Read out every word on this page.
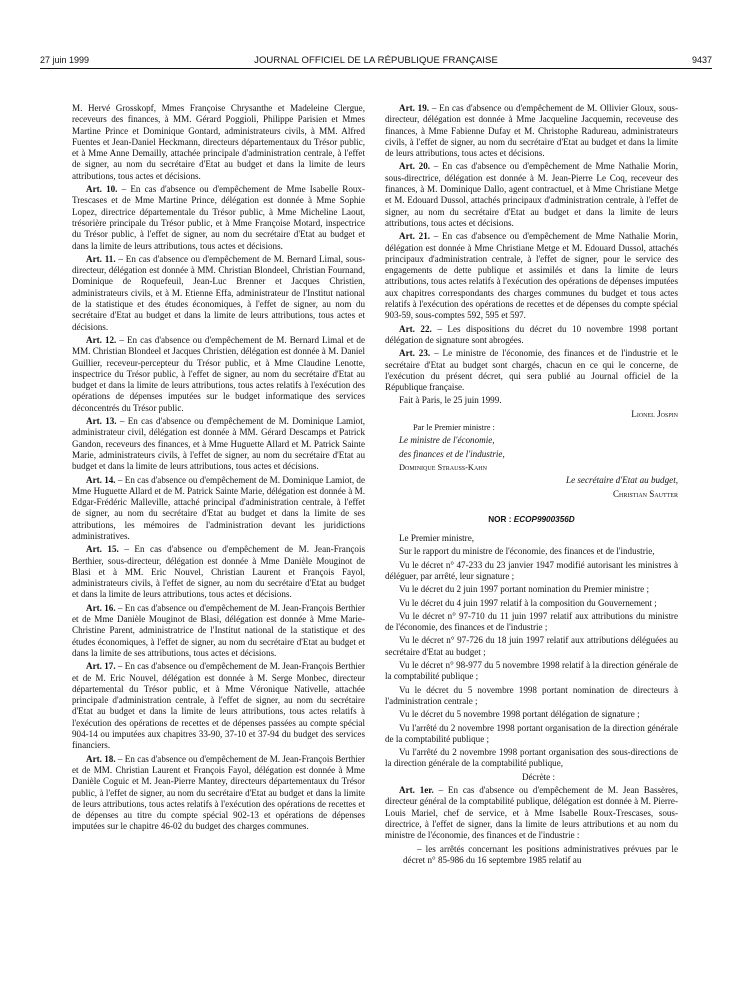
27 juin 1999	JOURNAL OFFICIEL DE LA RÉPUBLIQUE FRANÇAISE	9437

M. Hervé Grosskopf, Mmes Françoise Chrysanthe et Madeleine Clergue, receveurs des finances, à MM. Gérard Poggioli, Philippe Parisien et Mmes Martine Prince et Dominique Gontard, administrateurs civils, à MM. Alfred Fuentes et Jean-Daniel Heckmann, directeurs départementaux du Trésor public, et à Mme Anne Demailly, attachée principale d'administration centrale, à l'effet de signer, au nom du secrétaire d'Etat au budget et dans la limite de leurs attributions, tous actes et décisions.

Art. 10. – En cas d'absence ou d'empêchement de Mme Isabelle Roux-Trescases et de Mme Martine Prince, délégation est donnée à Mme Sophie Lopez, directrice départementale du Trésor public, à Mme Micheline Laout, trésorière principale du Trésor public, et à Mme Françoise Motard, inspectrice du Trésor public, à l'effet de signer, au nom du secrétaire d'Etat au budget et dans la limite de leurs attributions, tous actes et décisions.

Art. 11. – En cas d'absence ou d'empêchement de M. Bernard Limal, sous-directeur, délégation est donnée à MM. Christian Blondeel, Christian Fournand, Dominique de Roquefeuil, Jean-Luc Brenner et Jacques Christien, administrateurs civils, et à M. Etienne Effa, administrateur de l'Institut national de la statistique et des études économiques, à l'effet de signer, au nom du secrétaire d'Etat au budget et dans la limite de leurs attributions, tous actes et décisions.

Art. 12. – En cas d'absence ou d'empêchement de M. Bernard Limal et de MM. Christian Blondeel et Jacques Christien, délégation est donnée à M. Daniel Guillier, receveur-percepteur du Trésor public, et à Mme Claudine Lenotte, inspectrice du Trésor public, à l'effet de signer, au nom du secrétaire d'Etat au budget et dans la limite de leurs attributions, tous actes relatifs à l'exécution des opérations de dépenses imputées sur le budget informatique des services déconcentrés du Trésor public.

Art. 13. – En cas d'absence ou d'empêchement de M. Dominique Lamiot, administrateur civil, délégation est donnée à MM. Gérard Descamps et Patrick Gandon, receveurs des finances, et à Mme Huguette Allard et M. Patrick Sainte Marie, administrateurs civils, à l'effet de signer, au nom du secrétaire d'Etat au budget et dans la limite de leurs attributions, tous actes et décisions.

Art. 14. – En cas d'absence ou d'empêchement de M. Dominique Lamiot, de Mme Huguette Allard et de M. Patrick Sainte Marie, délégation est donnée à M. Edgar-Frédéric Malleville, attaché principal d'administration centrale, à l'effet de signer, au nom du secrétaire d'Etat au budget et dans la limite de ses attributions, les mémoires de l'administration devant les juridictions administratives.

Art. 15. – En cas d'absence ou d'empêchement de M. Jean-François Berthier, sous-directeur, délégation est donnée à Mme Danièle Mouginot de Blasi et à MM. Eric Nouvel, Christian Laurent et François Fayol, administrateurs civils, à l'effet de signer, au nom du secrétaire d'Etat au budget et dans la limite de leurs attributions, tous actes et décisions.

Art. 16. – En cas d'absence ou d'empêchement de M. Jean-François Berthier et de Mme Danièle Mouginot de Blasi, délégation est donnée à Mme Marie-Christine Parent, administratrice de l'Institut national de la statistique et des études économiques, à l'effet de signer, au nom du secrétaire d'Etat au budget et dans la limite de ses attributions, tous actes et décisions.

Art. 17. – En cas d'absence ou d'empêchement de M. Jean-François Berthier et de M. Eric Nouvel, délégation est donnée à M. Serge Monbec, directeur départemental du Trésor public, et à Mme Véronique Nativelle, attachée principale d'administration centrale, à l'effet de signer, au nom du secrétaire d'Etat au budget et dans la limite de leurs attributions, tous actes relatifs à l'exécution des opérations de recettes et de dépenses passées au compte spécial 904-14 ou imputées aux chapitres 33-90, 37-10 et 37-94 du budget des services financiers.

Art. 18. – En cas d'absence ou d'empêchement de M. Jean-François Berthier et de MM. Christian Laurent et François Fayol, délégation est donnée à Mme Danièle Coguic et M. Jean-Pierre Mantey, directeurs départementaux du Trésor public, à l'effet de signer, au nom du secrétaire d'Etat au budget et dans la limite de leurs attributions, tous actes relatifs à l'exécution des opérations de recettes et de dépenses au titre du compte spécial 902-13 et opérations de dépenses imputées sur le chapitre 46-02 du budget des charges communes.

Art. 19. – En cas d'absence ou d'empêchement de M. Ollivier Gloux, sous-directeur, délégation est donnée à Mme Jacqueline Jacquemin, receveuse des finances, à Mme Fabienne Dufay et M. Christophe Radureau, administrateurs civils, à l'effet de signer, au nom du secrétaire d'Etat au budget et dans la limite de leurs attributions, tous actes et décisions.

Art. 20. – En cas d'absence ou d'empêchement de Mme Nathalie Morin, sous-directrice, délégation est donnée à M. Jean-Pierre Le Coq, receveur des finances, à M. Dominique Dallo, agent contractuel, et à Mme Christiane Metge et M. Edouard Dussol, attachés principaux d'administration centrale, à l'effet de signer, au nom du secrétaire d'Etat au budget et dans la limite de leurs attributions, tous actes et décisions.

Art. 21. – En cas d'absence ou d'empêchement de Mme Nathalie Morin, délégation est donnée à Mme Christiane Metge et M. Edouard Dussol, attachés principaux d'administration centrale, à l'effet de signer, pour le service des engagements de dette publique et assimilés et dans la limite de leurs attributions, tous actes relatifs à l'exécution des opérations de dépenses imputées aux chapitres correspondants des charges communes du budget et tous actes relatifs à l'exécution des opérations de recettes et de dépenses du compte spécial 903-59, sous-comptes 592, 595 et 597.

Art. 22. – Les dispositions du décret du 10 novembre 1998 portant délégation de signature sont abrogées.

Art. 23. – Le ministre de l'économie, des finances et de l'industrie et le secrétaire d'Etat au budget sont chargés, chacun en ce qui le concerne, de l'exécution du présent décret, qui sera publié au Journal officiel de la République française.

Fait à Paris, le 25 juin 1999.

Lionel Jospin

Par le Premier ministre :

Le ministre de l'économie,

des finances et de l'industrie,

Dominique Strauss-Kahn

Le secrétaire d'Etat au budget,

Christian Sautter

NOR : ECOP9900356D

Le Premier ministre,

Sur le rapport du ministre de l'économie, des finances et de l'industrie,

Vu le décret n° 47-233 du 23 janvier 1947 modifié autorisant les ministres à déléguer, par arrêté, leur signature ;

Vu le décret du 2 juin 1997 portant nomination du Premier ministre ;

Vu le décret du 4 juin 1997 relatif à la composition du Gouvernement ;

Vu le décret n° 97-710 du 11 juin 1997 relatif aux attributions du ministre de l'économie, des finances et de l'industrie ;

Vu le décret n° 97-726 du 18 juin 1997 relatif aux attributions déléguées au secrétaire d'Etat au budget ;

Vu le décret n° 98-977 du 5 novembre 1998 relatif à la direction générale de la comptabilité publique ;

Vu le décret du 5 novembre 1998 portant nomination de directeurs à l'administration centrale ;

Vu le décret du 5 novembre 1998 portant délégation de signature ;

Vu l'arrêté du 2 novembre 1998 portant organisation de la direction générale de la comptabilité publique ;

Vu l'arrêté du 2 novembre 1998 portant organisation des sous-directions de la direction générale de la comptabilité publique,

Décrète :

Art. 1er. – En cas d'absence ou d'empêchement de M. Jean Bassères, directeur général de la comptabilité publique, délégation est donnée à M. Pierre-Louis Mariel, chef de service, et à Mme Isabelle Roux-Trescases, sous-directrice, à l'effet de signer, dans la limite de leurs attributions et au nom du ministre de l'économie, des finances et de l'industrie :

– les arrêtés concernant les positions administratives prévues par le décret n° 85-986 du 16 septembre 1985 relatif au
